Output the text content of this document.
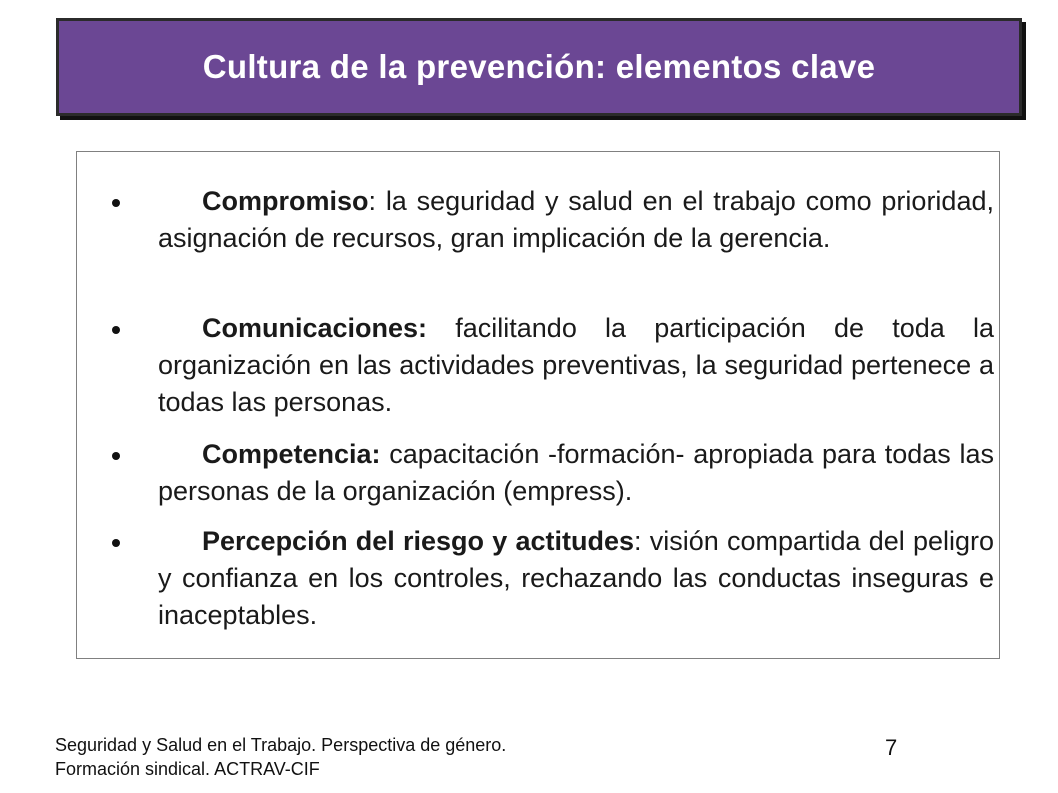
Cultura de la prevención: elementos clave
Compromiso: la seguridad y salud en el trabajo como prioridad, asignación de recursos, gran implicación de la gerencia.
Comunicaciones: facilitando la participación de toda la organización en las actividades preventivas, la seguridad pertenece a todas las personas.
Competencia: capacitación -formación- apropiada para todas las personas de la organización (empress).
Percepción del riesgo y actitudes: visión compartida del peligro y confianza en los controles, rechazando las conductas inseguras e inaceptables.
Seguridad y Salud en el Trabajo. Perspectiva de género.
Formación sindical. ACTRAV-CIF
7
